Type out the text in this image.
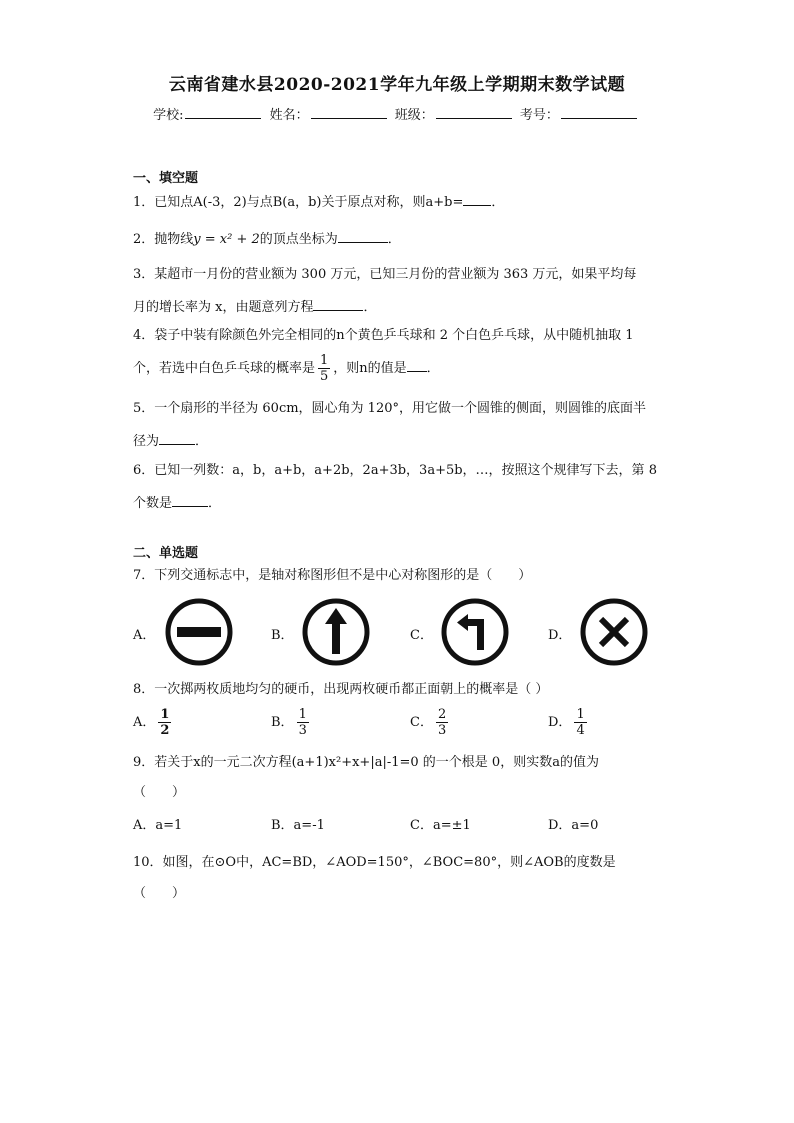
云南省建水县2020-2021学年九年级上学期期末数学试题
学校:	姓名：	班级：	考号：
一、填空题
1．已知点A(-3，2)与点B(a，b)关于原点对称，则a+b= ．
2．抛物线y = x² + 2的顶点坐标为	．
3．某超市一月份的营业额为 300 万元，已知三月份的营业额为 363 万元，如果平均每
月的增长率为 x，由题意列方程	．
4．袋子中装有除颜色外完全相同的n个黄色乒乓球和 2 个白色乒乓球，从中随机抽取 1
个，若选中白色乒乓球的概率是 $\frac{1}{5}$ ，则n的值是 ．
5．一个扇形的半径为 60cm，圆心角为 120°，用它做一个圆锥的侧面，则圆锥的底面半
径为	．
6．已知一列数：a，b，a+b，a+2b，2a+3b，3a+5b，…，按照这个规律写下去，第 8
个数是	．
二、单选题
7．下列交通标志中，是轴对称图形但不是中心对称图形的是（　　）
A．	B．	C．	D．
8．一次掷两枚质地均匀的硬币，出现两枚硬币都正面朝上的概率是（ ）
A． $\frac{1}{2}$	B． $\frac{1}{3}$	C． $\frac{2}{3}$	D． $\frac{1}{4}$
9．若关于x的一元二次方程(a+1)x²+x+|a|-1=0 的一个根是 0，则实数a的值为
（　　）
A．a=1	B．a=-1	C．a=±1	D．a=0
10．如图，在⊙O中，AC=BD，∠AOD=150°，∠BOC=80°，则∠AOB的度数是
（　　）
